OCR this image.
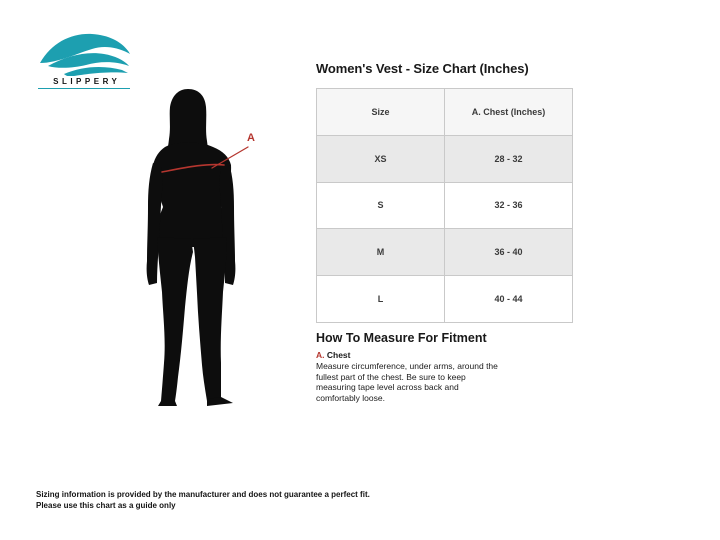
SLIPPERY
A
Women's Vest - Size Chart (Inches)
Size	A. Chest (Inches)
XS	28 - 32
S	32 - 36
M	36 - 40
L	40 - 44
How To Measure For Fitment
A. Chest
Measure circumference, under arms, around the fullest part of the chest. Be sure to keep measuring tape level across back and comfortably loose.
Sizing information is provided by the manufacturer and does not guarantee a perfect fit.
Please use this chart as a guide only
